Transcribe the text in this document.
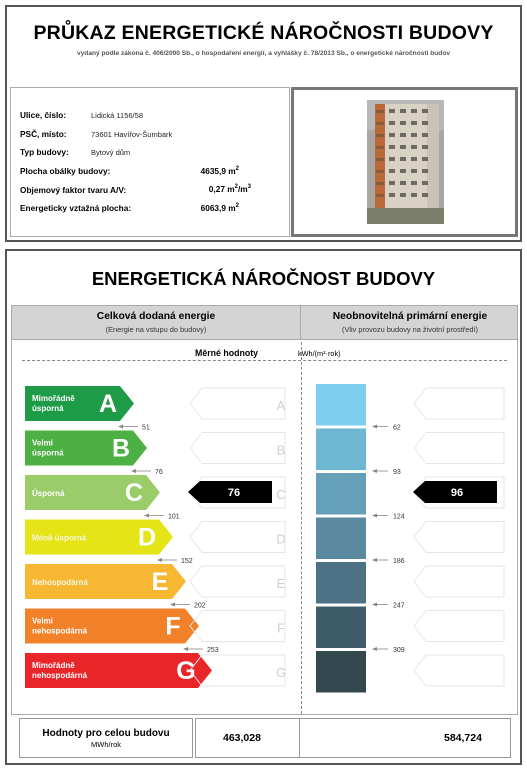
PRŮKAZ ENERGETICKÉ NÁROČNOSTI BUDOVY
vydaný podle zákona č. 406/2000 Sb., o hospodaření energií, a vyhlášky č. 78/2013 Sb., o energetické náročnosti budov
Ulice, číslo:	Lidická 1156/58
PSČ, místo:	73601 Havířov-Šumbark
Typ budovy:	Bytový dům
Plocha obálky budovy:	4635,9 $m^2$
Objemový faktor tvaru A/V:	0,27 $m^2/m^3$
Energeticky vztažná plocha:	6063,9 $m^2$
ENERGETICKÁ NÁROČNOST BUDOVY
Celková dodaná energie
(Energie na vstupu do budovy)
Neobnovitelná primární energie
(Vliv provozu budovy na životní prostředí)
Měrné hodnoty	kWh/(m²·rok)
Mimořádně
úsporná A	A
Velmi
úsporná B	B
Úsporná C	C
Méně úsporná D	D
Nehospodárná	E	E
Velmi
nehospodárná	F	F
Mimořádně
nehospodárná	G	G
51
76
101
152
202
253
62
93
124
186
247
309
76	96
Hodnoty pro celou budovu
MWh/rok
463,028	584,724
